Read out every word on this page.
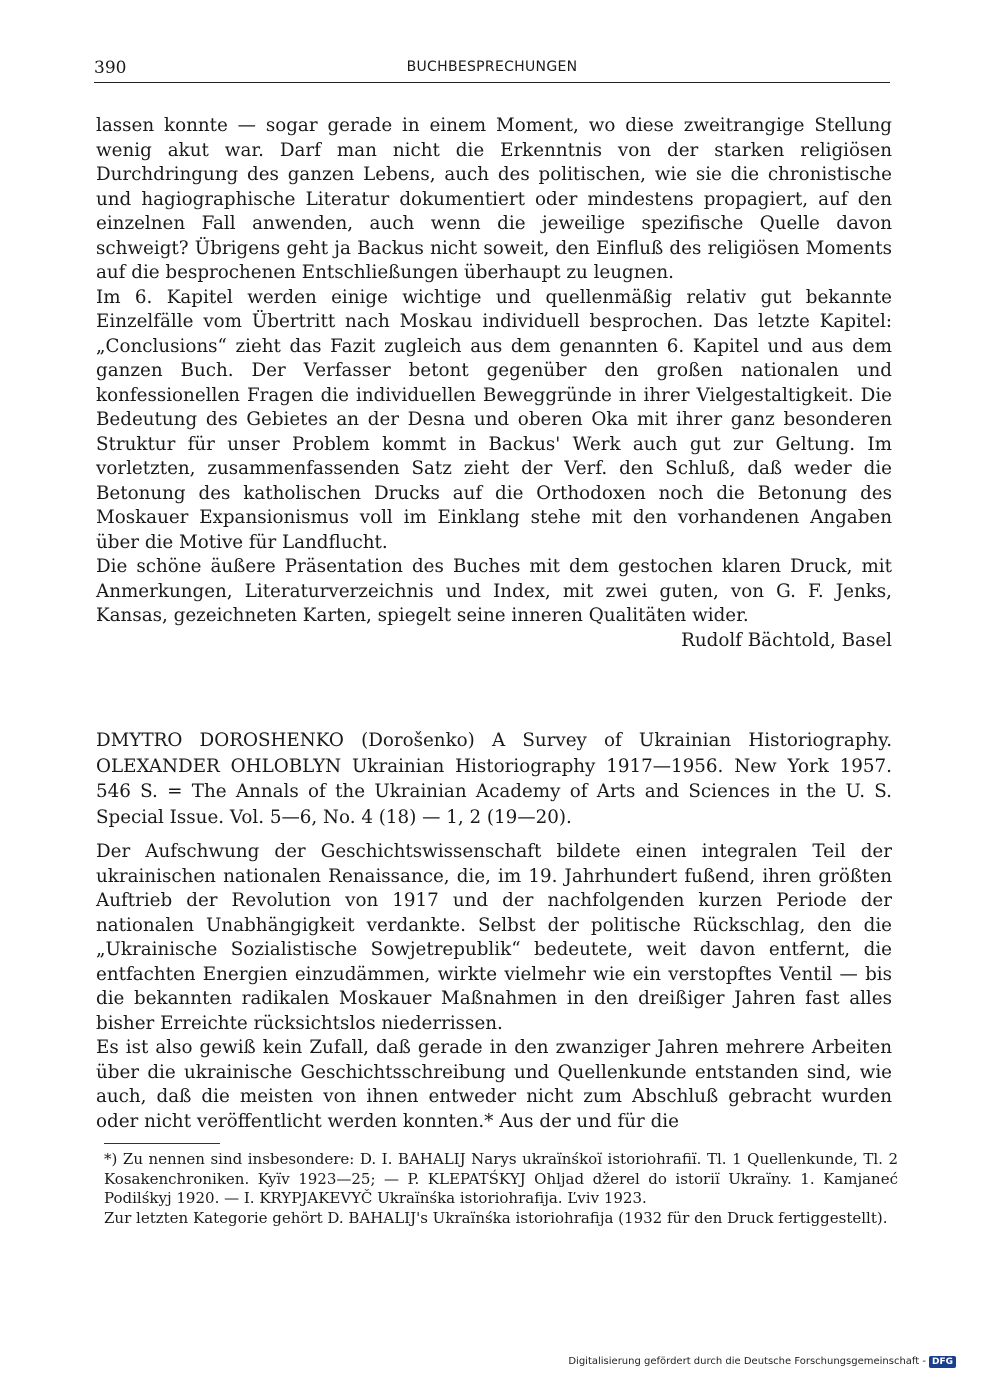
390	BUCHBESPRECHUNGEN

lassen konnte — sogar gerade in einem Moment, wo diese zweitrangige Stellung wenig akut war. Darf man nicht die Erkenntnis von der starken religiösen Durchdringung des ganzen Lebens, auch des politischen, wie sie die chronistische und hagiographische Literatur dokumentiert oder mindestens propagiert, auf den einzelnen Fall anwenden, auch wenn die jeweilige spezifische Quelle davon schweigt? Übrigens geht ja Backus nicht soweit, den Einfluß des religiösen Moments auf die besprochenen Entschließungen überhaupt zu leugnen.

Im 6. Kapitel werden einige wichtige und quellenmäßig relativ gut bekannte Einzelfälle vom Übertritt nach Moskau individuell besprochen. Das letzte Kapitel: „Conclusions“ zieht das Fazit zugleich aus dem genannten 6. Kapitel und aus dem ganzen Buch. Der Verfasser betont gegenüber den großen nationalen und konfessionellen Fragen die individuellen Beweggründe in ihrer Vielgestaltigkeit. Die Bedeutung des Gebietes an der Desna und oberen Oka mit ihrer ganz besonderen Struktur für unser Problem kommt in Backus' Werk auch gut zur Geltung. Im vorletzten, zusammenfassenden Satz zieht der Verf. den Schluß, daß weder die Betonung des katholischen Drucks auf die Orthodoxen noch die Betonung des Moskauer Expansionismus voll im Einklang stehe mit den vorhandenen Angaben über die Motive für Landflucht.

Die schöne äußere Präsentation des Buches mit dem gestochen klaren Druck, mit Anmerkungen, Literaturverzeichnis und Index, mit zwei guten, von G. F. Jenks, Kansas, gezeichneten Karten, spiegelt seine inneren Qualitäten wider.

Rudolf Bächtold, Basel

DMYTRO DOROSHENKO (Dorošenko) A Survey of Ukrainian Historiography. OLEXANDER OHLOBLYN Ukrainian Historiography 1917—1956. New York 1957. 546 S. = The Annals of the Ukrainian Academy of Arts and Sciences in the U. S. Special Issue. Vol. 5—6, No. 4 (18) — 1, 2 (19—20).

Der Aufschwung der Geschichtswissenschaft bildete einen integralen Teil der ukrainischen nationalen Renaissance, die, im 19. Jahrhundert fußend, ihren größten Auftrieb der Revolution von 1917 und der nachfolgenden kurzen Periode der nationalen Unabhängigkeit verdankte. Selbst der politische Rückschlag, den die „Ukrainische Sozialistische Sowjetrepublik“ bedeutete, weit davon entfernt, die entfachten Energien einzudämmen, wirkte vielmehr wie ein verstopftes Ventil — bis die bekannten radikalen Moskauer Maßnahmen in den dreißiger Jahren fast alles bisher Erreichte rücksichtslos niederrissen.

Es ist also gewiß kein Zufall, daß gerade in den zwanziger Jahren mehrere Arbeiten über die ukrainische Geschichtsschreibung und Quellenkunde entstanden sind, wie auch, daß die meisten von ihnen entweder nicht zum Abschluß gebracht wurden oder nicht veröffentlicht werden konnten.* Aus der und für die

*) Zu nennen sind insbesondere: D. I. BAHALIJ Narys ukraïnśkoï istoriohrafiï. Tl. 1 Quellenkunde, Tl. 2 Kosakenchroniken. Kyïv 1923—25; — P. KLEPATŚKYJ Ohljad džerel do istoriï Ukraïny. 1. Kamjaneć Podilśkyj 1920. — I. KRYPJAKEVYČ Ukraïnśka istoriohrafija. Ľviv 1923.

Zur letzten Kategorie gehört D. BAHALIJ's Ukraïnśka istoriohrafija (1932 für den Druck fertiggestellt).

Digitalisierung gefördert durch die Deutsche Forschungsgemeinschaft - DFG
